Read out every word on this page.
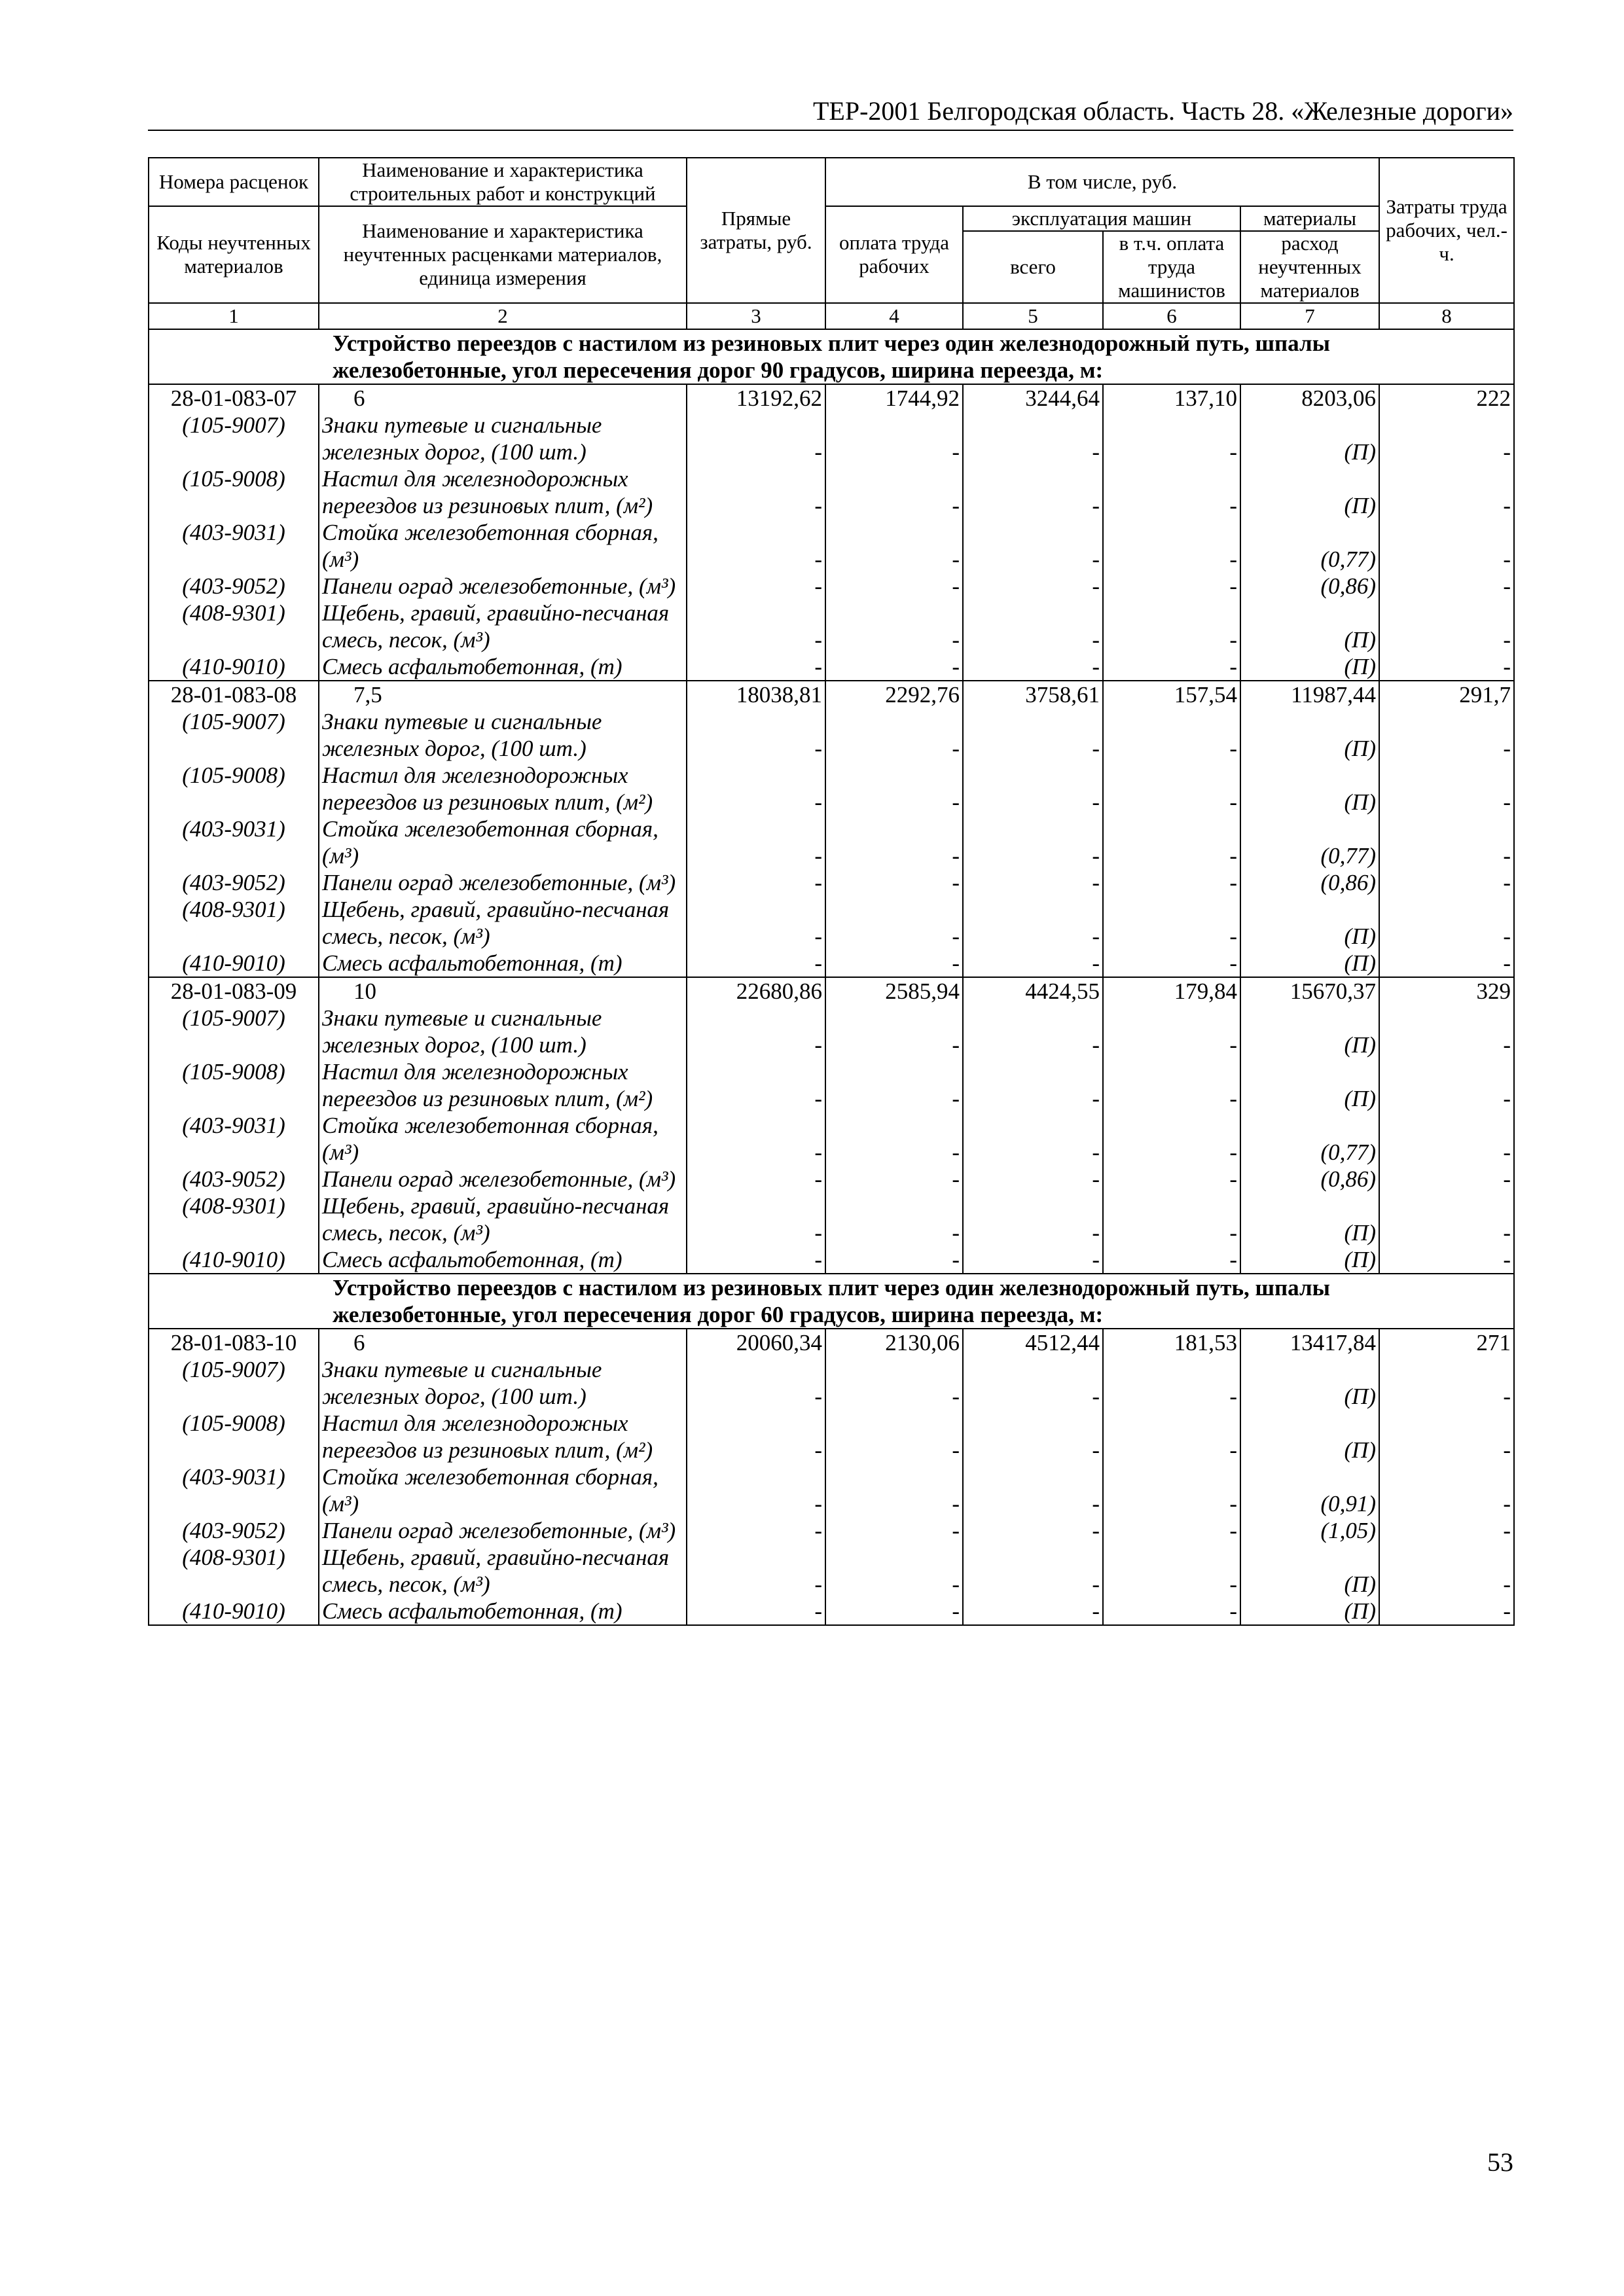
ТЕР-2001 Белгородская область. Часть 28. «Железные дороги»
Номера расценок	Наименование и характеристика строительных работ и конструкций	Прямые затраты, руб.	В том числе, руб.				Затраты труда рабочих, чел.-ч.
Коды неучтенных материалов	Наименование и характеристика неучтенных расценками материалов, единица измерения		оплата труда рабочих	эксплуатация машин		материалы	
				всего	в т.ч. оплата труда машинистов	расход неучтенных материалов	
1	2	3	4	5	6	7	8
Устройство переездов с настилом из резиновых плит через один железнодорожный путь, шпалы железобетонные, угол пересечения дорог 90 градусов, ширина переезда, м:							
28-01-083-07	6	13192,62	1744,92	3244,64	137,10	8203,06	222
(105-9007)	Знаки путевые и сигнальные железных дорог, (100 шт.)	-	-	-	-	(П)	-
(105-9008)	Настил для железнодорожных переездов из резиновых плит, (м²)	-	-	-	-	(П)	-
(403-9031)	Стойка железобетонная сборная, (м³)	-	-	-	-	(0,77)	-
(403-9052)	Панели оград железобетонные, (м³)	-	-	-	-	(0,86)	-
(408-9301)	Щебень, гравий, гравийно-песчаная смесь, песок, (м³)	-	-	-	-	(П)	-
(410-9010)	Смесь асфальтобетонная, (т)	-	-	-	-	(П)	-
28-01-083-08	7,5	18038,81	2292,76	3758,61	157,54	11987,44	291,7
(105-9007)	Знаки путевые и сигнальные железных дорог, (100 шт.)	-	-	-	-	(П)	-
(105-9008)	Настил для железнодорожных переездов из резиновых плит, (м²)	-	-	-	-	(П)	-
(403-9031)	Стойка железобетонная сборная, (м³)	-	-	-	-	(0,77)	-
(403-9052)	Панели оград железобетонные, (м³)	-	-	-	-	(0,86)	-
(408-9301)	Щебень, гравий, гравийно-песчаная смесь, песок, (м³)	-	-	-	-	(П)	-
(410-9010)	Смесь асфальтобетонная, (т)	-	-	-	-	(П)	-
28-01-083-09	10	22680,86	2585,94	4424,55	179,84	15670,37	329
(105-9007)	Знаки путевые и сигнальные железных дорог, (100 шт.)	-	-	-	-	(П)	-
(105-9008)	Настил для железнодорожных переездов из резиновых плит, (м²)	-	-	-	-	(П)	-
(403-9031)	Стойка железобетонная сборная, (м³)	-	-	-	-	(0,77)	-
(403-9052)	Панели оград железобетонные, (м³)	-	-	-	-	(0,86)	-
(408-9301)	Щебень, гравий, гравийно-песчаная смесь, песок, (м³)	-	-	-	-	(П)	-
(410-9010)	Смесь асфальтобетонная, (т)	-	-	-	-	(П)	-
Устройство переездов с настилом из резиновых плит через один железнодорожный путь, шпалы железобетонные, угол пересечения дорог 60 градусов, ширина переезда, м:							
28-01-083-10	6	20060,34	2130,06	4512,44	181,53	13417,84	271
(105-9007)	Знаки путевые и сигнальные железных дорог, (100 шт.)	-	-	-	-	(П)	-
(105-9008)	Настил для железнодорожных переездов из резиновых плит, (м²)	-	-	-	-	(П)	-
(403-9031)	Стойка железобетонная сборная, (м³)	-	-	-	-	(0,91)	-
(403-9052)	Панели оград железобетонные, (м³)	-	-	-	-	(1,05)	-
(408-9301)	Щебень, гравий, гравийно-песчаная смесь, песок, (м³)	-	-	-	-	(П)	-
(410-9010)	Смесь асфальтобетонная, (т)	-	-	-	-	(П)	-
53
